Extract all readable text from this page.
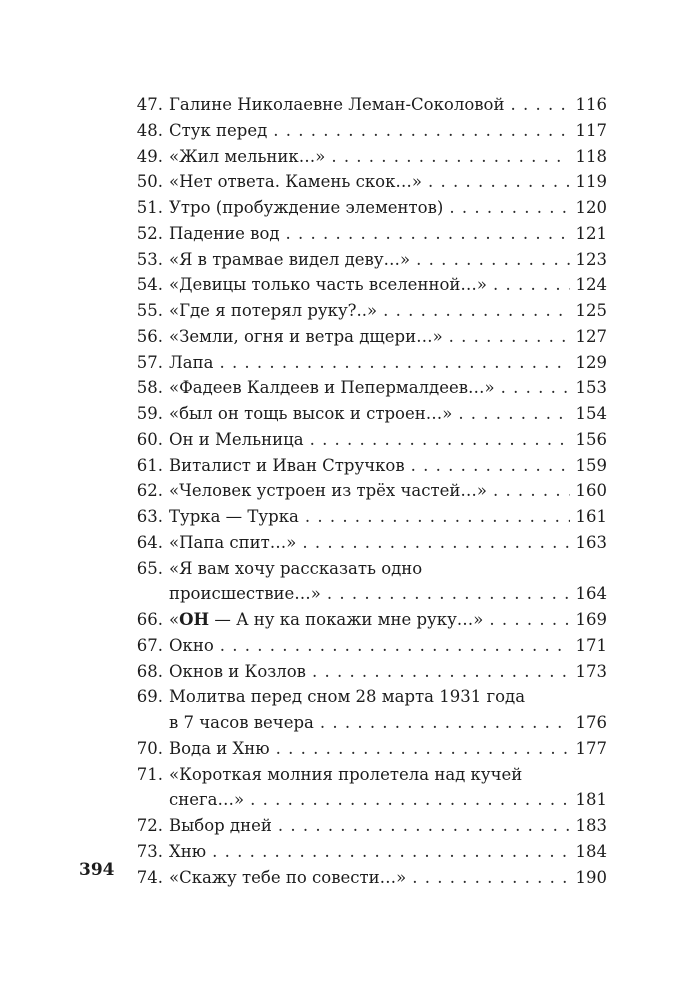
47. Галине Николаевне Леман-Соколовой . . .	116
48. Стук перед . . .	117
49. «Жил мельник…» . . .	118
50. «Нет ответа. Камень скок…» . . .	119
51. Утро (пробуждение элементов) . . .	120
52. Падение вод . . .	121
53. «Я в трамвае видел деву…» . . .	123
54. «Девицы только часть вселенной…» . . .	124
55. «Где я потерял руку?..» . . .	125
56. «Земли, огня и ветра дщери…» . . .	127
57. Лапа . . .	129
58. «Фадеев Калдеев и Пепермалдеев…» . . .	153
59. «был он тощь высок и строен…» . . .	154
60. Он и Мельница . . .	156
61. Виталист и Иван Стручков . . .	159
62. «Человек устроен из трёх частей…» . . .	160
63. Турка — Турка . . .	161
64. «Папа спит…» . . .	163
65. «Я вам хочу рассказать одно
происшествие…» . . .	164
66. «ОН — А ну ка покажи мне руку…» . . .	169
67. Окно . . .	171
68. Окнов и Козлов . . .	173
69. Молитва перед сном 28 марта 1931 года
в 7 часов вечера . . .	176
70. Вода и Хню . . .	177
71. «Короткая молния пролетела над кучей
снега…» . . .	181
72. Выбор дней . . .	183
73. Хню . . .	184
74. «Скажу тебе по совести…» . . .	190
394
